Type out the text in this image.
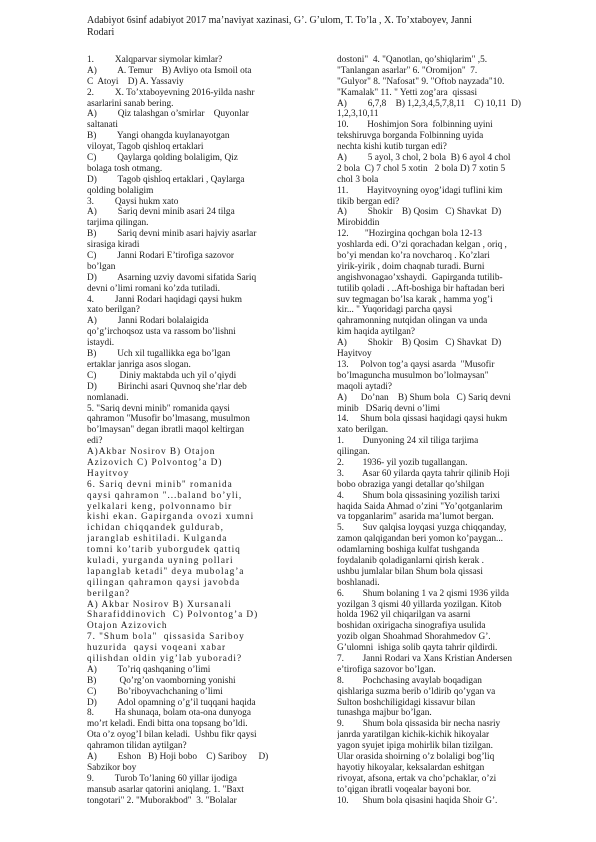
Adabiyot 6sinf adabiyot 2017 ma’naviyat xazinasi, G’. G’ulom, T. To’la , X. To’xtaboyev, Janni
Rodari
1.         Xalqparvar siymolar kimlar?
A)         A. Temur    B) Avliyo ota Ismoil ota
C  Atoyi    D) A. Yassaviy
2.         X. To’xtaboyevning 2016-yilda nashr
asarlarini sanab bering.
A)         Qiz talashgan o’smirlar    Quyonlar
saltanati
B)         Yangi ohangda kuylanayotgan
viloyat, Tagob qishloq ertaklari
C)         Qaylarga qolding bolaligim, Qiz
bolaga tosh otmang.
D)         Tagob qishloq ertaklari , Qaylarga
qolding bolaligim
3.         Qaysi hukm xato
A)         Sariq devni minib asari 24 tilga
tarjima qilingan.
B)         Sariq devni minib asari hajviy asarlar
sirasiga kiradi
C)         Janni Rodari E’tirofiga sazovor
bo’lgan
D)         Asarning uzviy davomi sifatida Sariq
devni o’limi romani ko’zda tutiladi.
4.         Janni Rodari haqidagi qaysi hukm
xato berilgan?
A)         Janni Rodari bolalaigida
qo’g’irchoqsoz usta va rassom bo’lishni
istaydi.
B)         Uch xil tugallikka ega bo’lgan
ertaklar janriga asos slogan.
C)          Diniy maktabda uch yil o’qiydi
D)         Birinchi asari Quvnoq she’rlar deb
nomlanadi.
5. "Sariq devni minib" romanida qaysi
qahramon "Musofir bo’lmasang, musulmon
bo’lmaysan" degan ibratli maqol keltirgan
edi?
A)Akbar Nosirov B) Otajon
Azizovich C) Polvontog’a D)
Hayitvoy
6. Sariq devni minib" romanida
qaysi qahramon "...baland bo’yli,
yelkalari keng, polvonnamo bir
kishi ekan. Gapirganda ovozi xumni
ichidan chiqqandek guldurab,
jaranglab eshitiladi. Kulganda
tomni ko’tarib yuborgudek qattiq
kuladi, yurganda uyning pollari
lapanglab ketadi" deya mubolag’a
qilingan qahramon qaysi javobda
berilgan?
A) Akbar Nosirov B) Xursanali
Sharafiddinovich  C) Polvontog’a D)
Otajon Azizovich
7. "Shum bola"  qissasida Sariboy
huzurida  qaysi voqeani xabar
qilishdan oldin yig’lab yuboradi?
A)         To’riq qashqaning o’limi
B)          Qo’rg’on vaomborning yonishi
C)         Bo’riboyvachchaning o’limi
D)         Adol opamning o’g’il tuqqani haqida
8.         Ha shunaqa, bolam ota-ona dunyoga
mo’rt keladi. Endi bitta ona topsang bo’ldi.
Ota o’z oyog’I bilan keladi.  Ushbu fikr qaysi
qahramon tilidan aytilgan?
A)         Eshon   B) Hoji bobo    C) Sariboy     D)
Sabzikor boy
9.         Turob To’laning 60 yillar ijodiga
mansub asarlar qatorini aniqlang. 1. "Baxt
tongotari" 2. "Muborakbod"  3. "Bolalar
dostoni"  4. "Qanotlan, qo’shiqlarim" ,5.
"Tanlangan asarlar" 6. "Oromijon"  7.
"Gulyor" 8. "Nafosat" 9. "Oftob nayzada"10.
"Kamalak" 11. " Yetti zog’ara  qissasi
A)         6,7,8    B) 1,2,3,4,5,7,8,11    C) 10,11  D)
1,2,3,10,11
10.        Hoshimjon Sora  folbinning uyini
tekshiruvga borganda Folbinning uyida
nechta kishi kutib turgan edi?
A)         5 ayol, 3 chol, 2 bola  B) 6 ayol 4 chol
2 bola  C) 7 chol 5 xotin   2 bola D) 7 xotin 5
chol 3 bola
11.        Hayitvoyning oyog’idagi tuflini kim
tikib bergan edi?
A)         Shokir    B) Qosim   C) Shavkat  D)
Mirobiddin
12.       "Hozirgina qochgan bola 12-13
yoshlarda edi. O’zi qorachadan kelgan , oriq ,
bo’yi mendan ko’ra novcharoq . Ko’zlari
yirik-yirik , doim chaqnab turadi. Burni
angishvonagao’xshaydi.  Gapirganda tutilib-
tutilib qoladi . ..Aft-boshiga bir haftadan beri
suv tegmagan bo’lsa karak , hamma yog’i
kir... " Yuqoridagi parcha qaysi
qahramonning nutqidan olingan va unda
kim haqida aytilgan?
A)         Shokir    B) Qosim   C) Shavkat  D)
Hayitvoy
13.     Polvon tog’a qaysi asarda  "Musofir
bo’lmaguncha musulmon bo’lolmaysan"
maqoli aytadi?
A)      Do’nan    B) Shum bola   C) Sariq devni
minib   DSariq devni o’limi
14.     Shum bola qissasi haqidagi qaysi hukm
xato berilgan.
1.        Dunyoning 24 xil tiliga tarjima
qilingan.
2.        1936- yil yozib tugallangan.
3.        Asar 60 yilarda qayta tahrir qilinib Hoji
bobo obraziga yangi detallar qo’shilgan
4.        Shum bola qissasining yozilish tarixi
haqida Saida Ahmad o’zini "Yo’qotganlarim
va topganlarim" asarida ma’lumot bergan.
5.        Suv qalqisa loyqasi yuzga chiqqanday,
zamon qalqigandan beri yomon ko’paygan...
odamlarning boshiga kulfat tushganda
foydalanib qoladiganlarni qirish kerak .
ushbu jumlalar bilan Shum bola qissasi
boshlanadi.
6.        Shum bolaning 1 va 2 qismi 1936 yilda
yozilgan 3 qismi 40 yillarda yozilgan. Kitob
holda 1962 yil chiqarilgan va asarni
boshidan oxirigacha sinografiya usulida
yozib olgan Shoahmad Shorahmedov G’.
G’ulomni  ishiga solib qayta tahrir qildirdi.
7.        Janni Rodari va Xans Kristian Andersen
e’tirofiga sazovor bo’lgan.
8.        Pochchasing avaylab boqadigan
qishlariga suzma berib o’ldirib qo’ygan va
Sulton boshchiligidagi kissavur bilan
tunashga majbur bo’lgan.
9.        Shum bola qissasida bir necha nasriy
janrda yaratilgan kichik-kichik hikoyalar
yagon syujet ipiga mohirlik bilan tizilgan.
Ular orasida shoirning o’z bolaligi bog’liq
hayotiy hikoyalar, keksalardan eshitgan
rivoyat, afsona, ertak va cho’pchaklar, o’zi
to’qigan ibratli voqealar bayoni bor.
10.      Shum bola qisasini haqida Shoir G’.
